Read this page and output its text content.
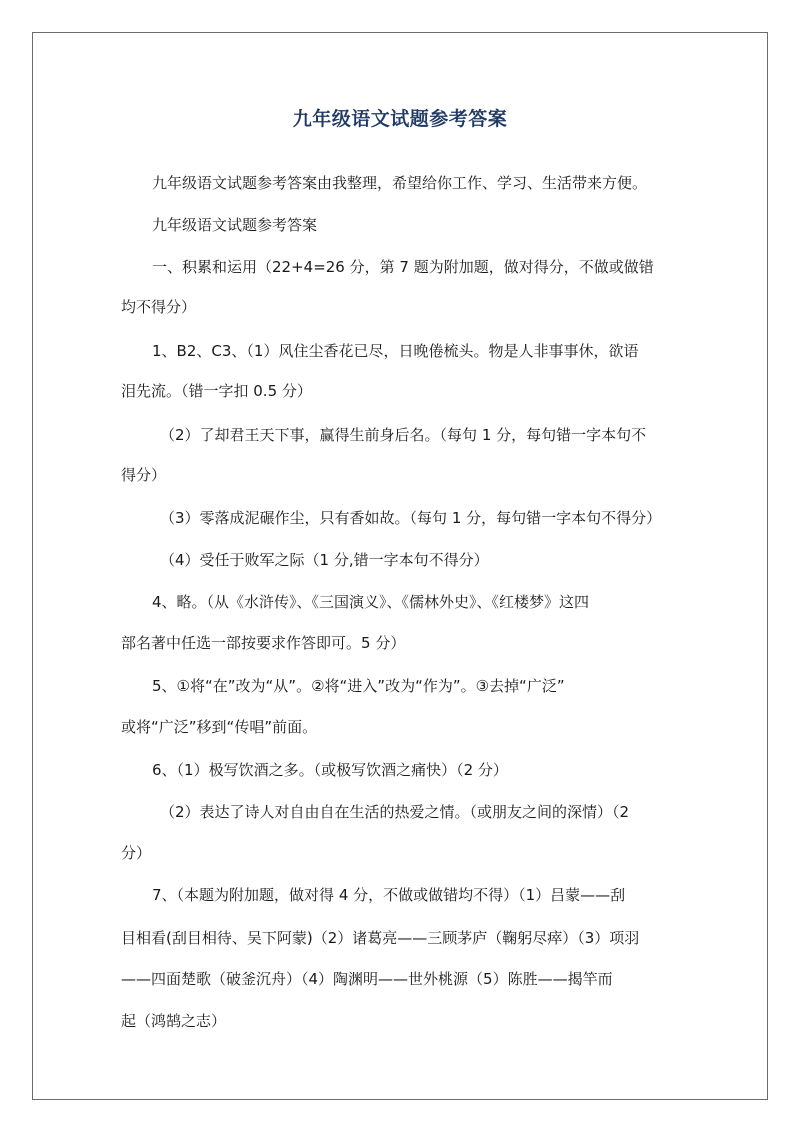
九年级语文试题参考答案
九年级语文试题参考答案由我整理，希望给你工作、学习、生活带来方便。
九年级语文试题参考答案
一、积累和运用（22+4=26 分，第 7 题为附加题，做对得分，不做或做错
均不得分）
1、B2、C3、（1）风住尘香花已尽，日晚倦梳头。物是人非事事休，欲语
泪先流。（错一字扣 0.5 分）
（2）了却君王天下事，赢得生前身后名。（每句 1 分，每句错一字本句不
得分）
（3）零落成泥碾作尘，只有香如故。（每句 1 分，每句错一字本句不得分）
（4）受任于败军之际（1 分,错一字本句不得分）
4、略。（从《水浒传》、《三国演义》、《儒林外史》、《红楼梦》这四
部名著中任选一部按要求作答即可。5 分）
5、①将“在”改为“从”。②将“进入”改为“作为”。③去掉“广泛”
或将“广泛”移到“传唱”前面。
6、（1）极写饮酒之多。（或极写饮酒之痛快）（2 分）
（2）表达了诗人对自由自在生活的热爱之情。（或朋友之间的深情）（2
分）
7、（本题为附加题，做对得 4 分，不做或做错均不得）（1）吕蒙——刮
目相看(刮目相待、吴下阿蒙)（2）诸葛亮——三顾茅庐（鞠躬尽瘁）（3）项羽
——四面楚歌（破釜沉舟）（4）陶渊明——世外桃源（5）陈胜——揭竿而
起（鸿鹄之志）
